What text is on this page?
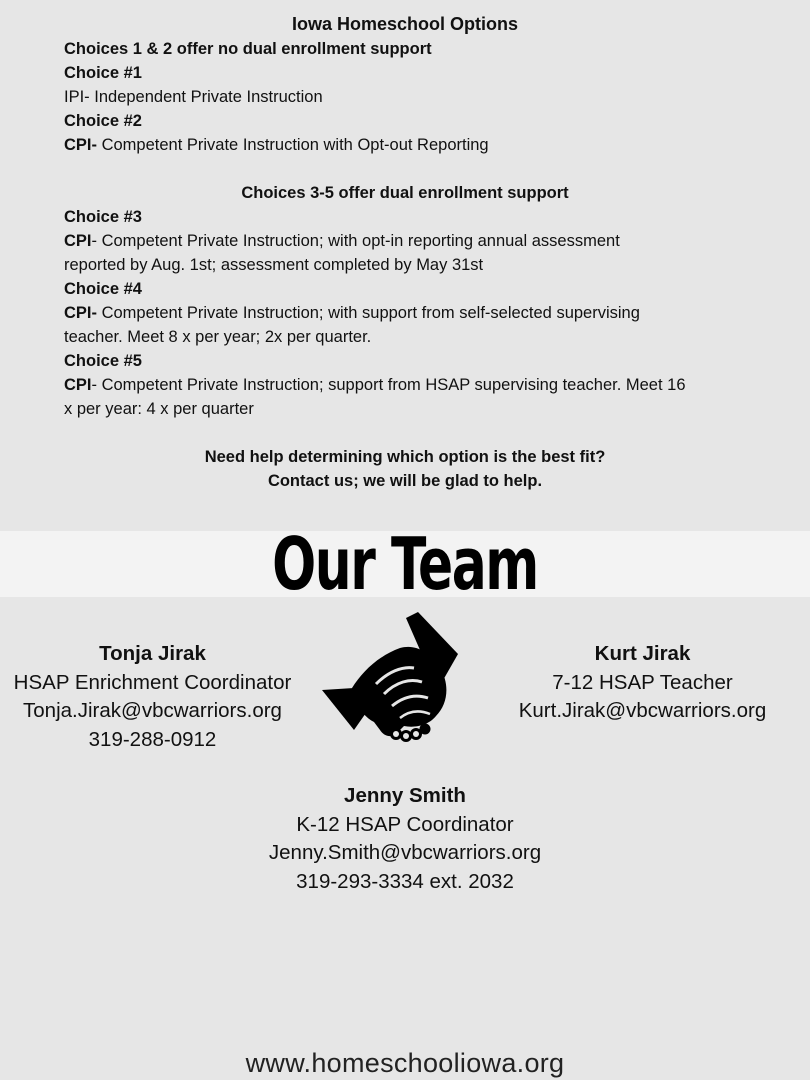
Iowa Homeschool Options
Choices 1 & 2 offer no dual enrollment support
Choice #1
IPI- Independent Private Instruction
Choice #2
CPI- Competent Private Instruction with Opt-out Reporting
Choices 3-5 offer dual enrollment support
Choice #3
CPI- Competent Private Instruction; with opt-in reporting annual assessment
reported by Aug. 1st; assessment completed by May 31st
Choice #4
CPI- Competent Private Instruction; with support from self-selected supervising
teacher. Meet 8 x per year; 2x per quarter.
Choice #5
CPI- Competent Private Instruction; support from HSAP supervising teacher. Meet 16
x per year: 4 x per quarter
Need help determining which option is the best fit?
Contact us; we will be glad to help.
Our Team
Tonja Jirak
HSAP Enrichment Coordinator
Tonja.Jirak@vbcwarriors.org
319-288-0912
Kurt Jirak
7-12 HSAP Teacher
Kurt.Jirak@vbcwarriors.org
Jenny Smith
K-12 HSAP Coordinator
Jenny.Smith@vbcwarriors.org
319-293-3334 ext. 2032
www.homeschooliowa.org
